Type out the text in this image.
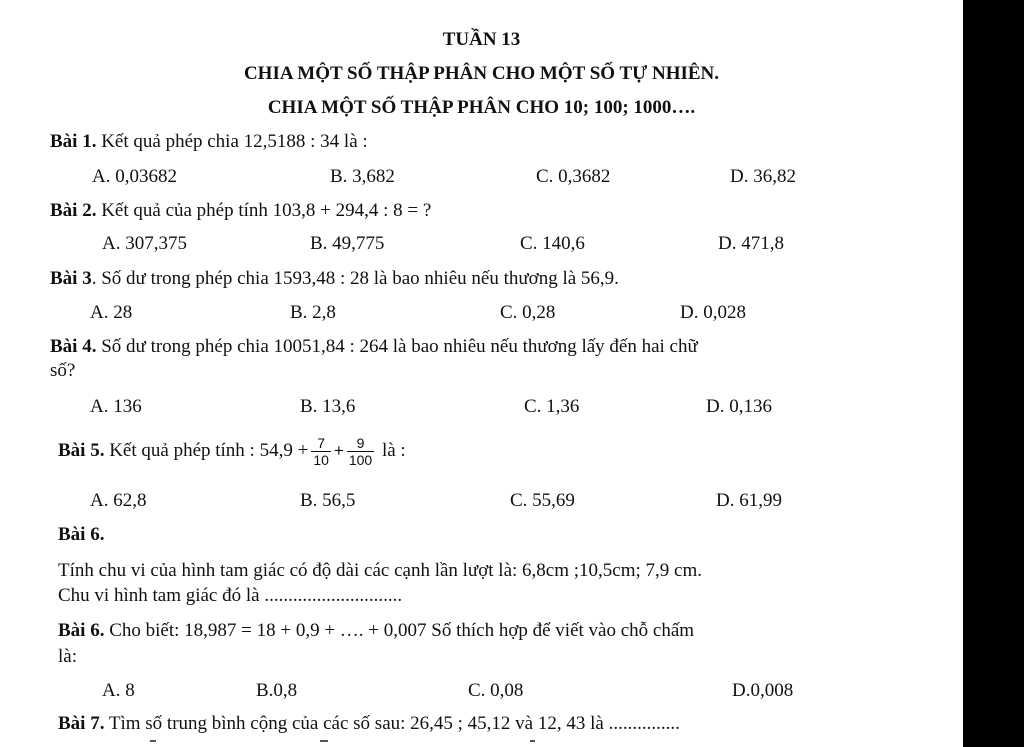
TUẦN 13
CHIA MỘT SỐ THẬP PHÂN CHO MỘT SỐ TỰ NHIÊN.
CHIA MỘT SỐ THẬP PHÂN CHO 10; 100; 1000….
Bài 1. Kết quả phép chia 12,5188 : 34 là :
A. 0,03682	B. 3,682	C. 0,3682	D. 36,82
Bài 2. Kết quả của phép tính 103,8 + 294,4 : 8 = ?
A. 307,375	B. 49,775	C. 140,6	D. 471,8
Bài 3. Số dư trong phép chia 1593,48 : 28 là bao nhiêu nếu thương là 56,9.
A. 28	B. 2,8	C. 0,28	D. 0,028
Bài 4. Số dư trong phép chia 10051,84 : 264 là bao nhiêu nếu thương lấy đến hai chữ
số?
A. 136	B. 13,6	C. 1,36	D. 0,136
Bài 5. Kết quả phép tính : $54,9 + \frac{7}{10} + \frac{9}{100}$ là :
A. 62,8	B. 56,5	C. 55,69	D. 61,99
Bài 6.
Tính chu vi của hình tam giác có độ dài các cạnh lần lượt là: 6,8cm ;10,5cm; 7,9 cm.
Chu vi hình tam giác đó là .............................
Bài 6. Cho biết: 18,987 = 18 + 0,9 + …. + 0,007 Số thích hợp để viết vào chỗ chấm
là:
A. 8	B.0,8	C. 0,08	D.0,008
Bài 7. Tìm số trung bình cộng của các số sau: 26,45 ; 45,12 và 12, 43 là ...............
